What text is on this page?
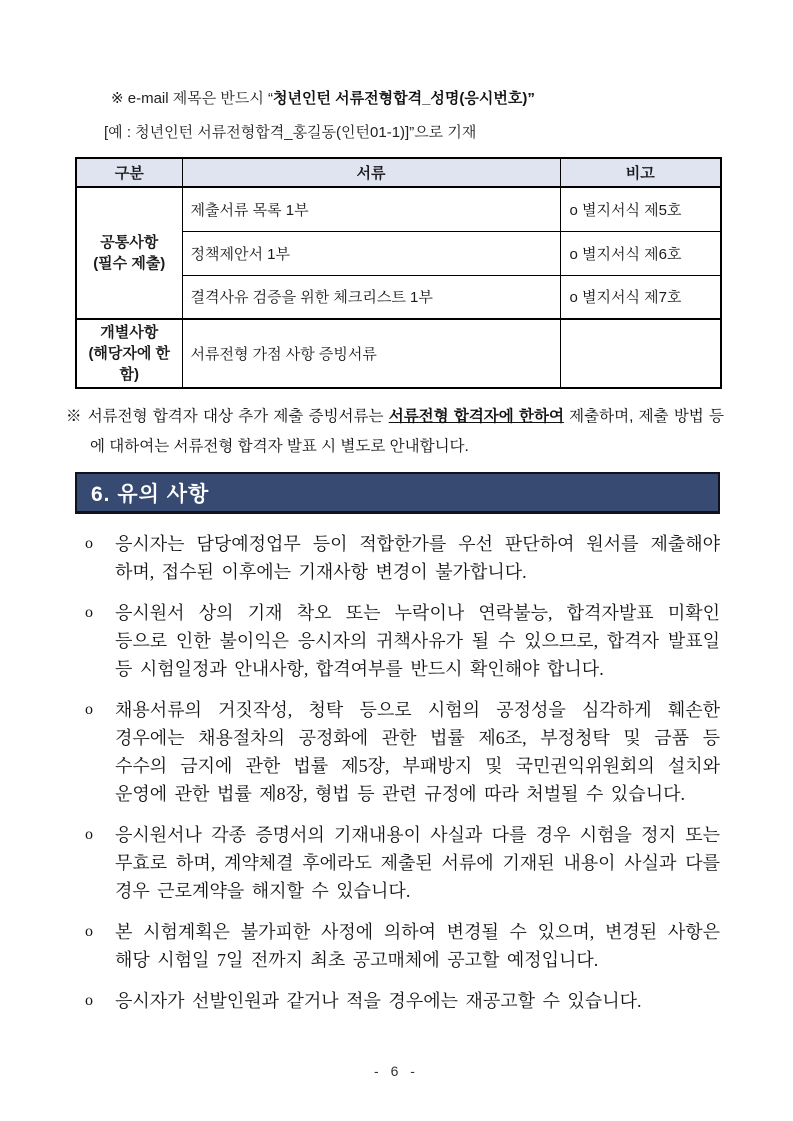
※ e-mail 제목은 반드시 “청년인턴 서류전형합격_성명(응시번호)”
[예 : 청년인턴 서류전형합격_홍길동(인턴01-1)]”으로 기재
구분	서류	비고
공통사항
(필수 제출)	제출서류 목록 1부	o 별지서식 제5호
	정책제안서 1부	o 별지서식 제6호
	결격사유 검증을 위한 체크리스트 1부	o 별지서식 제7호
개별사항
(해당자에 한함)	서류전형 가점 사항 증빙서류	
※ 서류전형 합격자 대상 추가 제출 증빙서류는 서류전형 합격자에 한하여 제출하며, 제출 방법 등에 대하여는 서류전형 합격자 발표 시 별도로 안내합니다.
6. 유의 사항
o	응시자는 담당예정업무 등이 적합한가를 우선 판단하여 원서를 제출해야 하며, 접수된 이후에는 기재사항 변경이 불가합니다.
o	응시원서 상의 기재 착오 또는 누락이나 연락불능, 합격자발표 미확인 등으로 인한 불이익은 응시자의 귀책사유가 될 수 있으므로, 합격자 발표일 등 시험일정과 안내사항, 합격여부를 반드시 확인해야 합니다.
o	채용서류의 거짓작성, 청탁 등으로 시험의 공정성을 심각하게 훼손한 경우에는 채용절차의 공정화에 관한 법률 제6조, 부정청탁 및 금품 등 수수의 금지에 관한 법률 제5장, 부패방지 및 국민권익위원회의 설치와 운영에 관한 법률 제8장, 형법 등 관련 규정에 따라 처벌될 수 있습니다.
o	응시원서나 각종 증명서의 기재내용이 사실과 다를 경우 시험을 정지 또는 무효로 하며, 계약체결 후에라도 제출된 서류에 기재된 내용이 사실과 다를 경우 근로계약을 해지할 수 있습니다.
o	본 시험계획은 불가피한 사정에 의하여 변경될 수 있으며, 변경된 사항은 해당 시험일 7일 전까지 최초 공고매체에 공고할 예정입니다.
o	응시자가 선발인원과 같거나 적을 경우에는 재공고할 수 있습니다.
- 6 -
